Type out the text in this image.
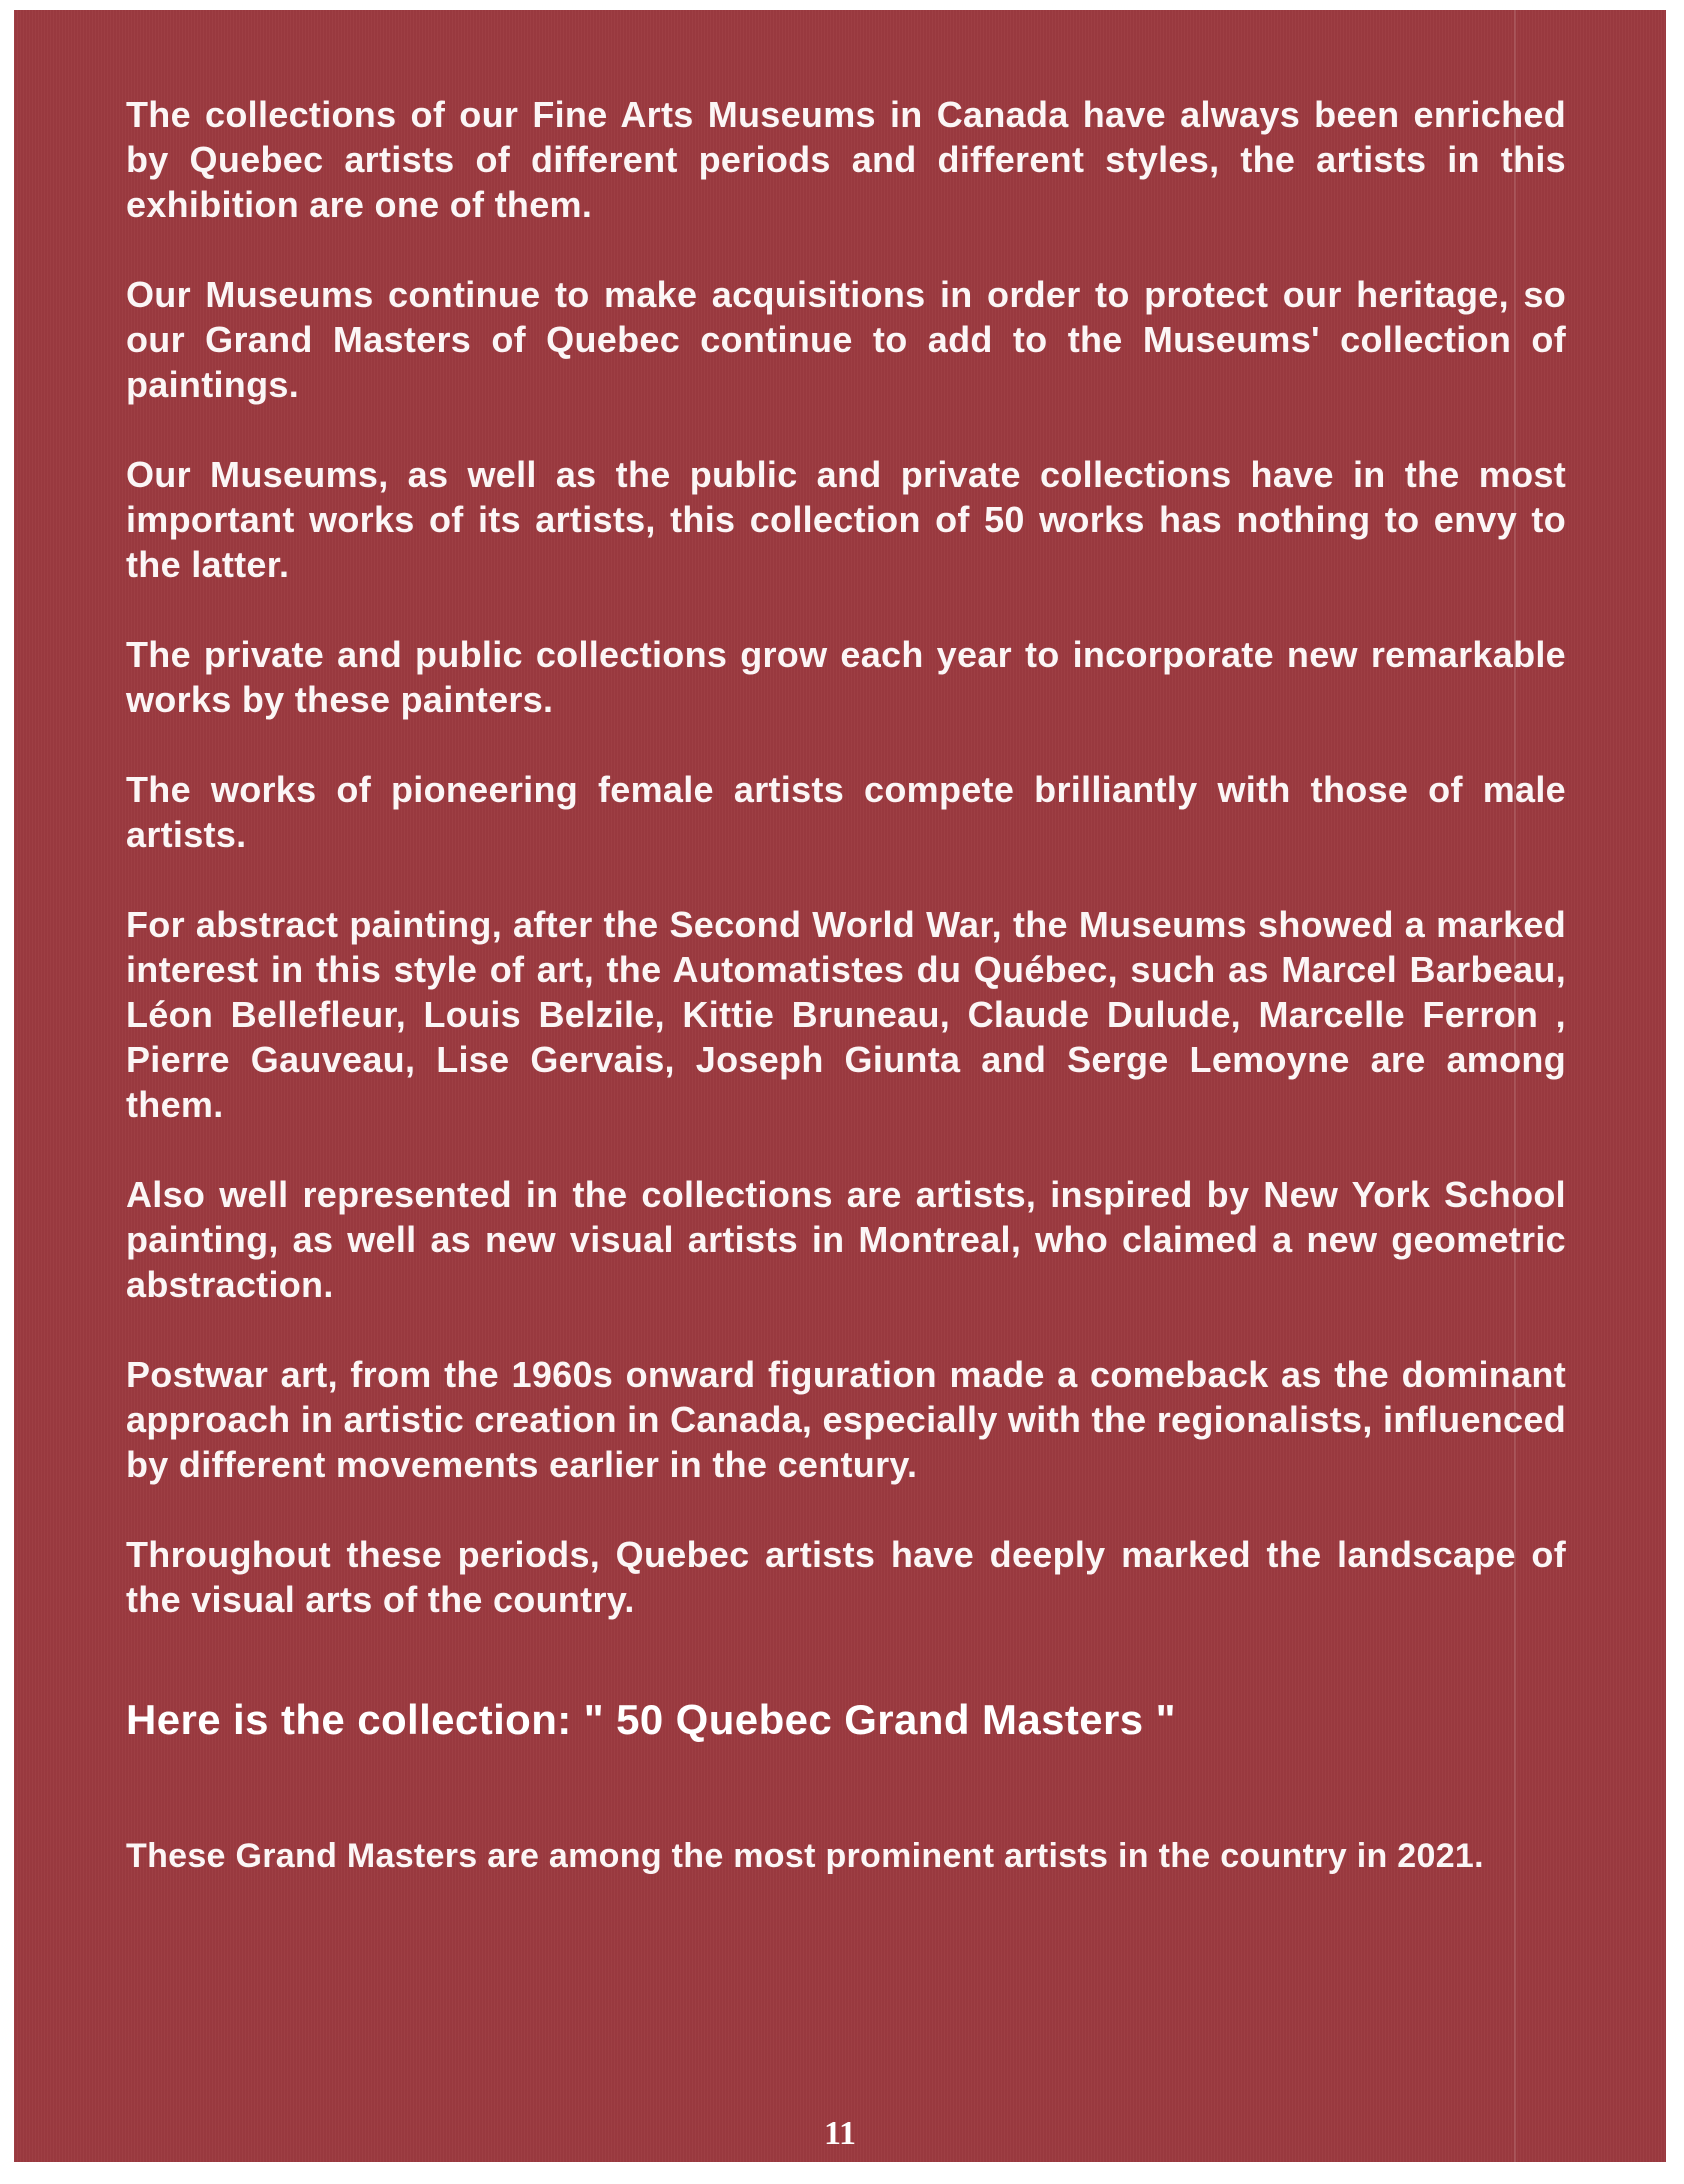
The collections of our Fine Arts Museums in Canada have always been enriched by Quebec artists of different periods and different styles, the artists in this exhibition are one of them.

Our Museums continue to make acquisitions in order to protect our heritage, so our Grand Masters of Quebec continue to add to the Museums' collection of paintings.

Our Museums, as well as the public and private collections have in the most important works of its artists, this collection of 50 works has nothing to envy to the latter.

The private and public collections grow each year to incorporate new remarkable works by these painters.

The works of pioneering female artists compete brilliantly with those of male artists.

For abstract painting, after the Second World War, the Museums showed a marked interest in this style of art, the Automatistes du Québec, such as Marcel Barbeau, Léon Bellefleur, Louis Belzile, Kittie Bruneau, Claude Dulude, Marcelle Ferron , Pierre Gauveau, Lise Gervais, Joseph Giunta and Serge Lemoyne are among them.

Also well represented in the collections are artists, inspired by New York School painting, as well as new visual artists in Montreal, who claimed a new geometric abstraction.

Postwar art, from the 1960s onward figuration made a comeback as the dominant approach in artistic creation in Canada, especially with the regionalists, influenced by different movements earlier in the century.

Throughout these periods, Quebec artists have deeply marked the landscape of the visual arts of the country.

Here is the collection: " 50 Quebec Grand Masters "

These Grand Masters are among the most prominent artists in the country in 2021.

11
